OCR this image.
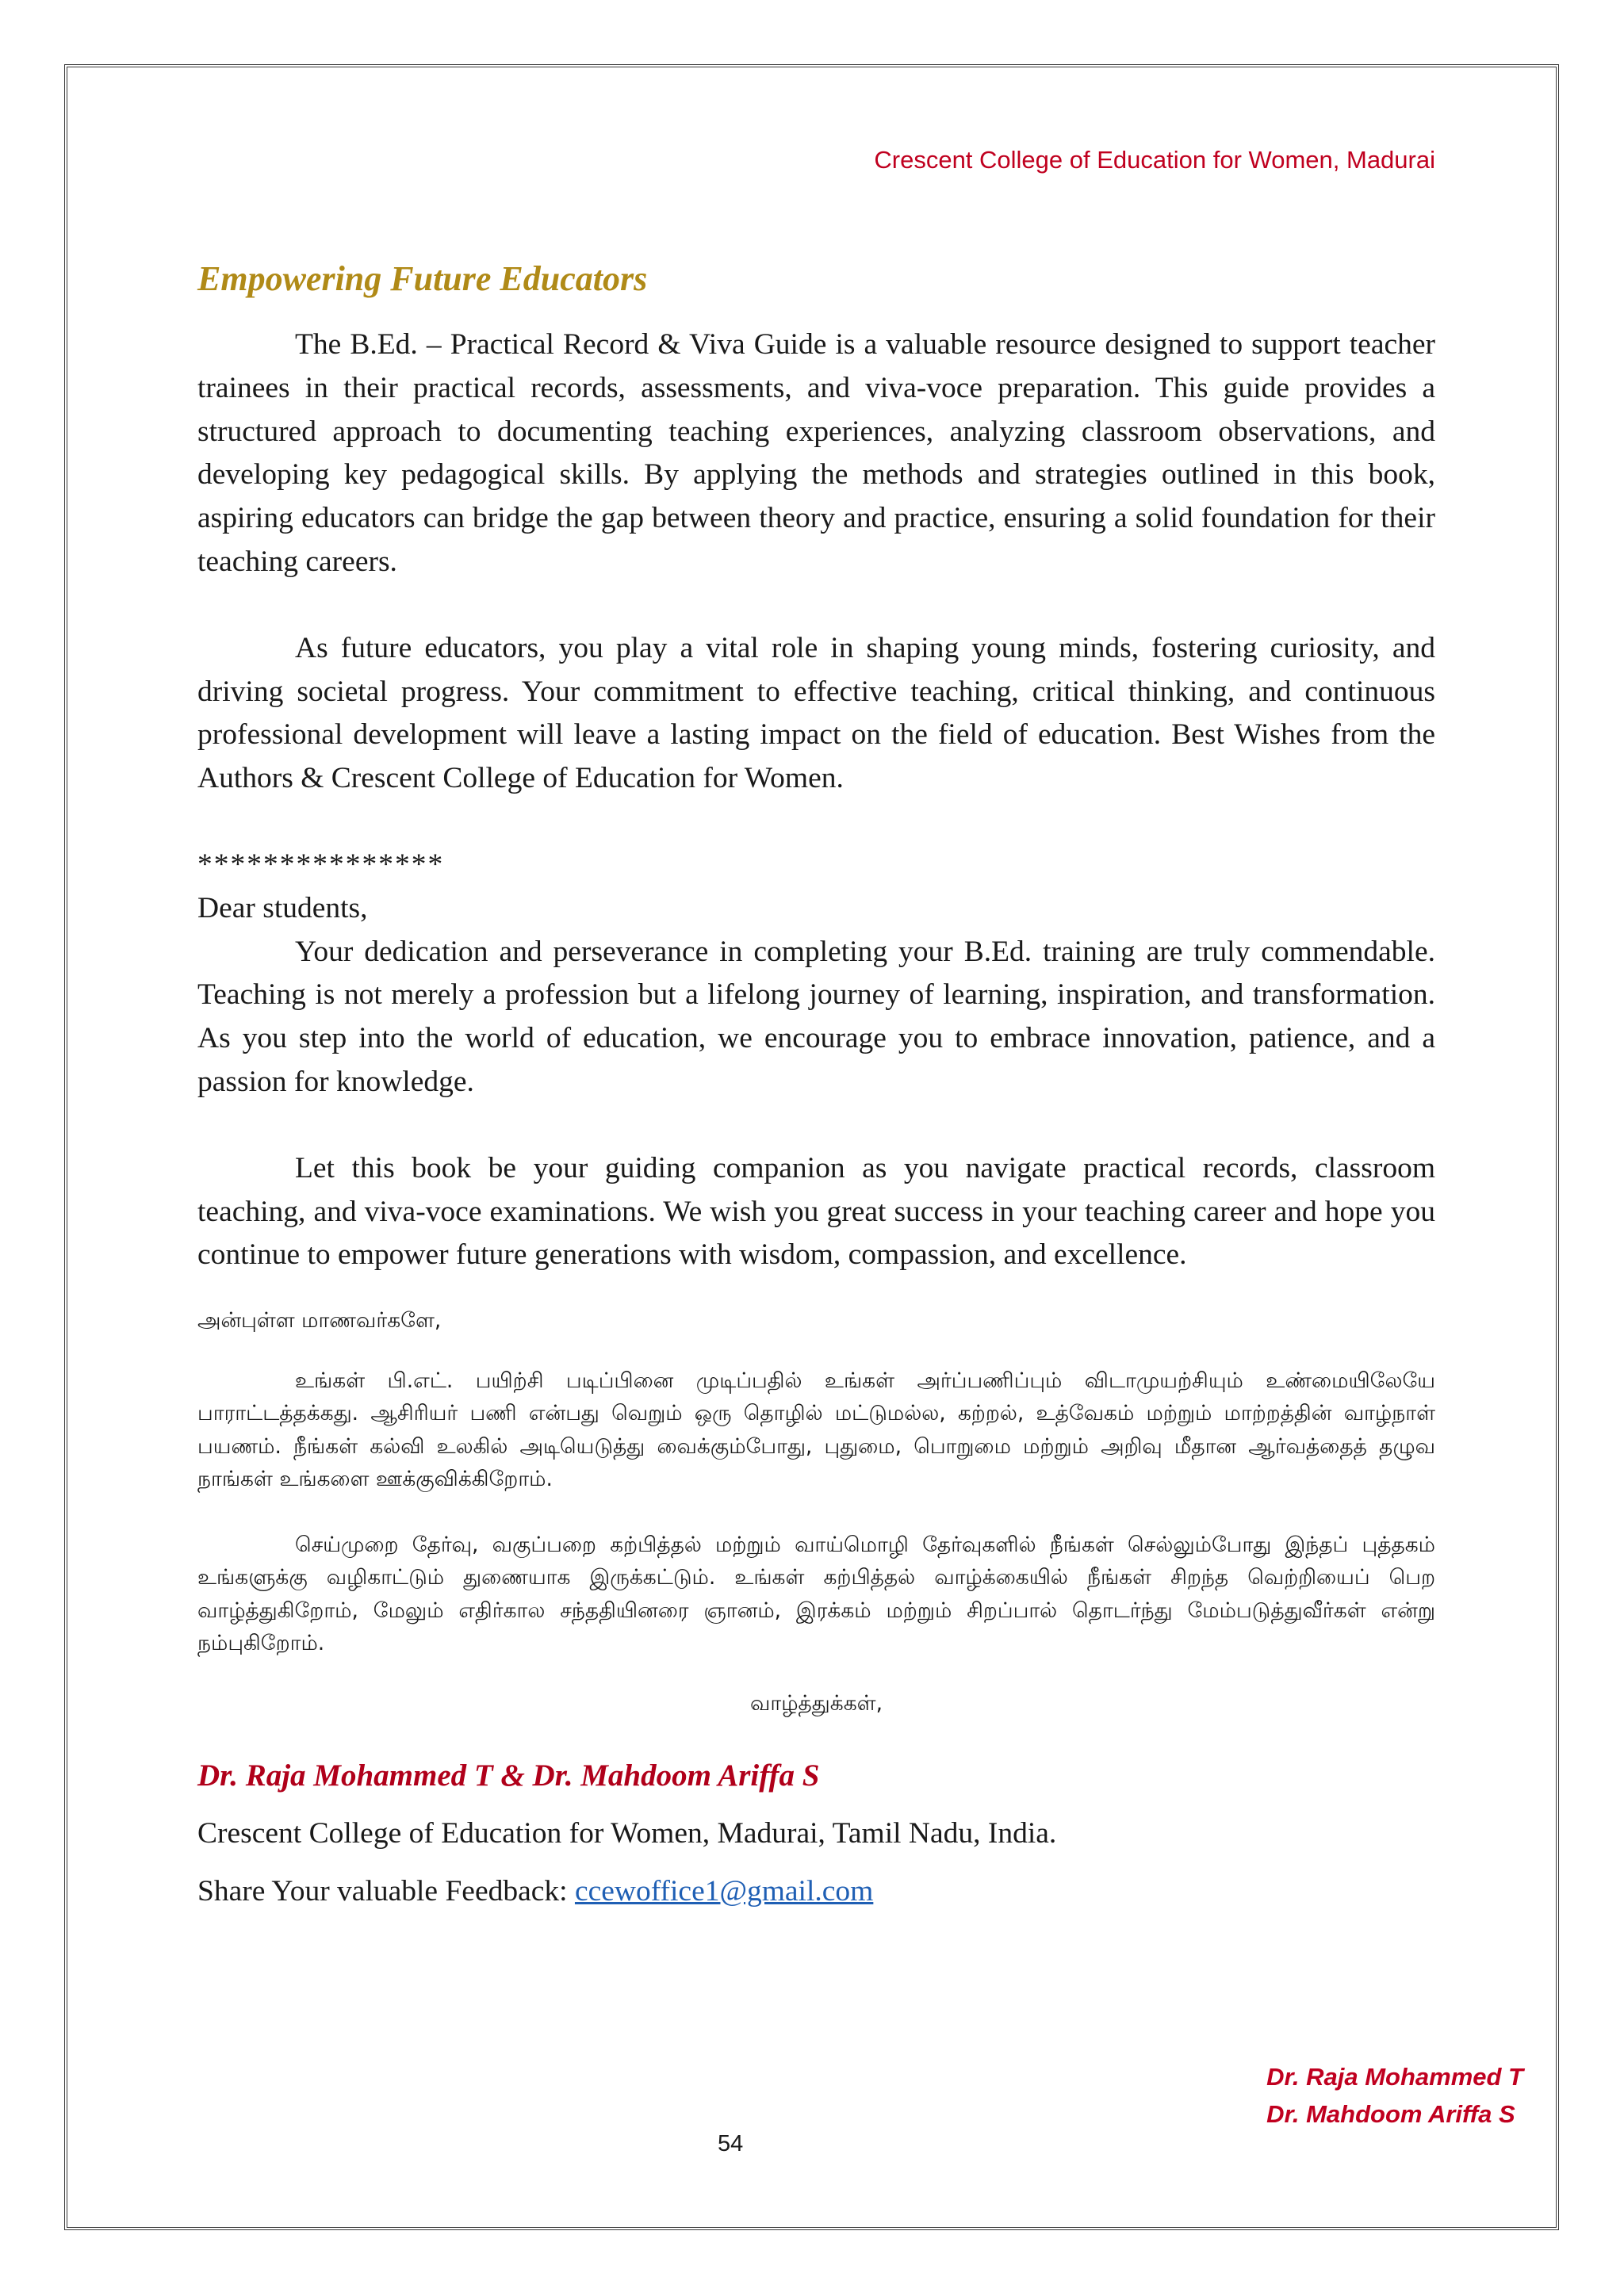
Crescent College of Education for Women, Madurai
Empowering Future Educators

The B.Ed. – Practical Record & Viva Guide is a valuable resource designed to support teacher trainees in their practical records, assessments, and viva-voce preparation. This guide provides a structured approach to documenting teaching experiences, analyzing classroom observations, and developing key pedagogical skills. By applying the methods and strategies outlined in this book, aspiring educators can bridge the gap between theory and practice, ensuring a solid foundation for their teaching careers.

As future educators, you play a vital role in shaping young minds, fostering curiosity, and driving societal progress. Your commitment to effective teaching, critical thinking, and continuous professional development will leave a lasting impact on the field of education. Best Wishes from the Authors & Crescent College of Education for Women.

***************

Dear students,

Your dedication and perseverance in completing your B.Ed. training are truly commendable. Teaching is not merely a profession but a lifelong journey of learning, inspiration, and transformation. As you step into the world of education, we encourage you to embrace innovation, patience, and a passion for knowledge.

Let this book be your guiding companion as you navigate practical records, classroom teaching, and viva-voce examinations. We wish you great success in your teaching career and hope you continue to empower future generations with wisdom, compassion, and excellence.

அன்புள்ள மாணவர்களே,

உங்கள் பி.எட். பயிற்சி படிப்பினை முடிப்பதில் உங்கள் அர்ப்பணிப்பும் விடாமுயற்சியும் உண்மையிலேயே பாராட்டத்தக்கது. ஆசிரியர் பணி என்பது வெறும் ஒரு தொழில் மட்டுமல்ல, கற்றல், உத்வேகம் மற்றும் மாற்றத்தின் வாழ்நாள் பயணம். நீங்கள் கல்வி உலகில் அடியெடுத்து வைக்கும்போது, புதுமை, பொறுமை மற்றும் அறிவு மீதான ஆர்வத்தைத் தழுவ நாங்கள் உங்களை ஊக்குவிக்கிறோம்.

செய்முறை தேர்வு, வகுப்பறை கற்பித்தல் மற்றும் வாய்மொழி தேர்வுகளில் நீங்கள் செல்லும்போது இந்தப் புத்தகம் உங்களுக்கு வழிகாட்டும் துணையாக இருக்கட்டும். உங்கள் கற்பித்தல் வாழ்க்கையில் நீங்கள் சிறந்த வெற்றியைப் பெற வாழ்த்துகிறோம், மேலும் எதிர்கால சந்ததியினரை ஞானம், இரக்கம் மற்றும் சிறப்பால் தொடர்ந்து மேம்படுத்துவீர்கள் என்று நம்புகிறோம்.

வாழ்த்துக்கள்,

Dr. Raja Mohammed T & Dr. Mahdoom Ariffa S

Crescent College of Education for Women, Madurai, Tamil Nadu, India.

Share Your valuable Feedback: ccewoffice1@gmail.com

Dr. Raja Mohammed T
Dr. Mahdoom Ariffa S
54
